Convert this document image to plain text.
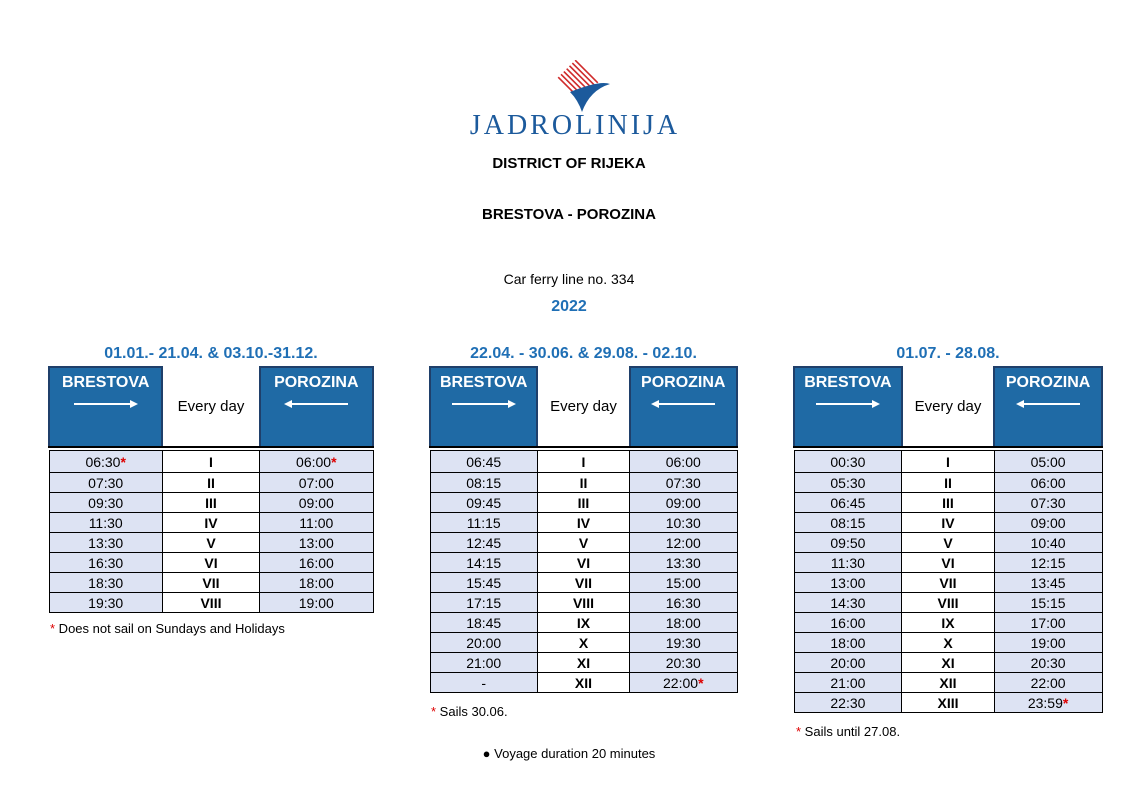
JADROLINIJA
DISTRICT OF RIJEKA
BRESTOVA - POROZINA
Car ferry line no. 334
2022
01.01.- 21.04. & 03.10.-31.12.
BRESTOVA	Every day	POROZINA

06:30*	I	06:00*
07:30	II	07:00
09:30	III	09:00
11:30	IV	11:00
13:30	V	13:00
16:30	VI	16:00
18:30	VII	18:00
19:30	VIII	19:00
* Does not sail on Sundays and Holidays
22.04. - 30.06. & 29.08. - 02.10.
BRESTOVA	Every day	POROZINA

06:45	I	06:00
08:15	II	07:30
09:45	III	09:00
11:15	IV	10:30
12:45	V	12:00
14:15	VI	13:30
15:45	VII	15:00
17:15	VIII	16:30
18:45	IX	18:00
20:00	X	19:30
21:00	XI	20:30
-	XII	22:00*
* Sails 30.06.
01.07. - 28.08.
BRESTOVA	Every day	POROZINA

00:30	I	05:00
05:30	II	06:00
06:45	III	07:30
08:15	IV	09:00
09:50	V	10:40
11:30	VI	12:15
13:00	VII	13:45
14:30	VIII	15:15
16:00	IX	17:00
18:00	X	19:00
20:00	XI	20:30
21:00	XII	22:00
22:30	XIII	23:59*
* Sails until 27.08.
● Voyage duration 20 minutes
